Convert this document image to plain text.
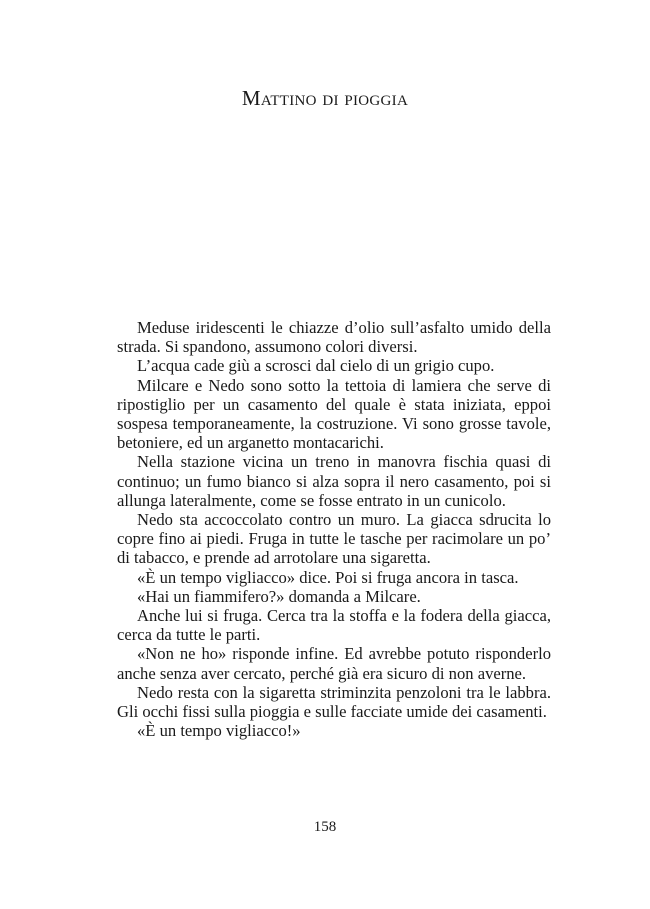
Mattino di pioggia

Meduse iridescenti le chiazze d’olio sull’asfalto umido della strada. Si spandono, assumono colori diversi.

L’acqua cade giù a scrosci dal cielo di un grigio cupo.

Milcare e Nedo sono sotto la tettoia di lamiera che serve di ripostiglio per un casamento del quale è stata iniziata, eppoi sospesa temporaneamente, la costruzione. Vi sono grosse tavole, betoniere, ed un arganetto montacarichi.

Nella stazione vicina un treno in manovra fischia quasi di continuo; un fumo bianco si alza sopra il nero casamento, poi si allunga lateralmente, come se fosse entrato in un cunicolo.

Nedo sta accoccolato contro un muro. La giacca sdrucita lo copre fino ai piedi. Fruga in tutte le tasche per racimolare un po’ di tabacco, e prende ad arrotolare una sigaretta.

«È un tempo vigliacco» dice. Poi si fruga ancora in tasca.

«Hai un fiammifero?» domanda a Milcare.

Anche lui si fruga. Cerca tra la stoffa e la fodera della giacca, cerca da tutte le parti.

«Non ne ho» risponde infine. Ed avrebbe potuto risponderlo anche senza aver cercato, perché già era sicuro di non averne.

Nedo resta con la sigaretta striminzita penzoloni tra le labbra. Gli occhi fissi sulla pioggia e sulle facciate umide dei casamenti.

«È un tempo vigliacco!»

158
